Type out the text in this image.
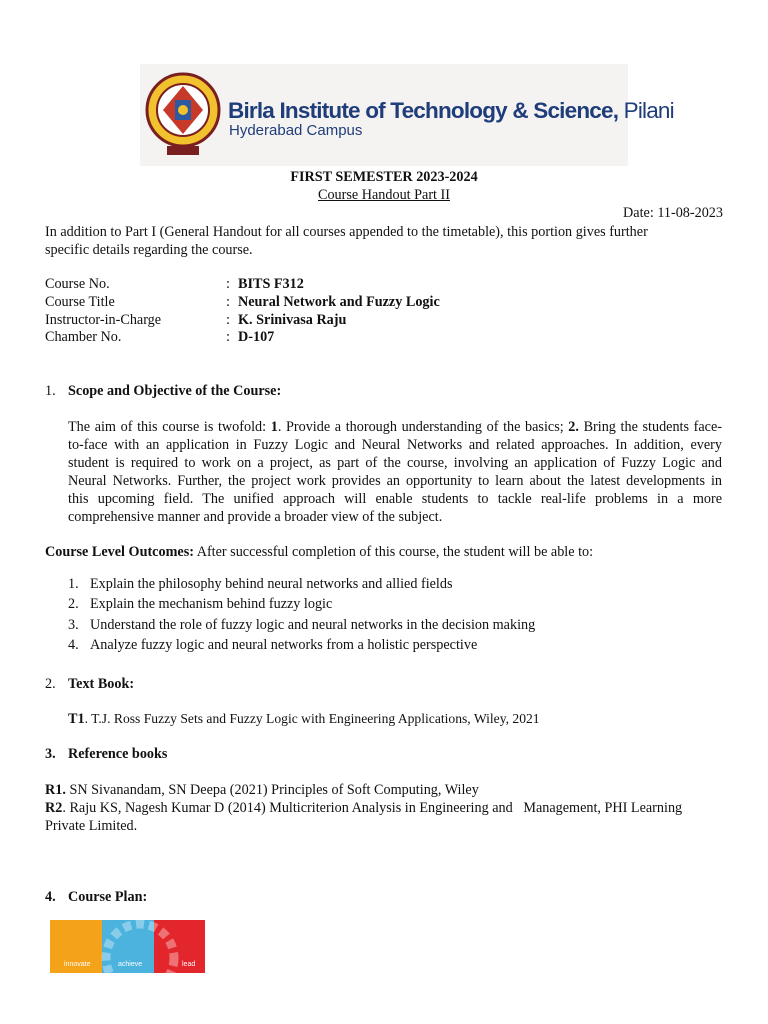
Birla Institute of Technology & Science, Pilani
Hyderabad Campus
FIRST SEMESTER 2023-2024
Course Handout Part II
Date: 11-08-2023
In addition to Part I (General Handout for all courses appended to the timetable), this portion gives further
specific details regarding the course.
Course No.	: BITS F312
Course Title	: Neural Network and Fuzzy Logic
Instructor-in-Charge	: K. Srinivasa Raju
Chamber No.	: D-107
1. Scope and Objective of the Course:
The aim of this course is twofold: 1. Provide a thorough understanding of the basics; 2. Bring the students face-
to-face with an application in Fuzzy Logic and Neural Networks and related approaches. In addition, every
student is required to work on a project, as part of the course, involving an application of Fuzzy Logic and
Neural Networks. Further, the project work provides an opportunity to learn about the latest developments in
this upcoming field. The unified approach will enable students to tackle real-life problems in a more
comprehensive manner and provide a broader view of the subject.
Course Level Outcomes: After successful completion of this course, the student will be able to:
1. Explain the philosophy behind neural networks and allied fields
2. Explain the mechanism behind fuzzy logic
3. Understand the role of fuzzy logic and neural networks in the decision making
4. Analyze fuzzy logic and neural networks from a holistic perspective
2. Text Book:
T1. T.J. Ross Fuzzy Sets and Fuzzy Logic with Engineering Applications, Wiley, 2021
3. Reference books
R1. SN Sivanandam, SN Deepa (2021) Principles of Soft Computing, Wiley
R2. Raju KS, Nagesh Kumar D (2014) Multicriterion Analysis in Engineering and   Management, PHI Learning
Private Limited.
4. Course Plan:
innovate	achieve	lead
